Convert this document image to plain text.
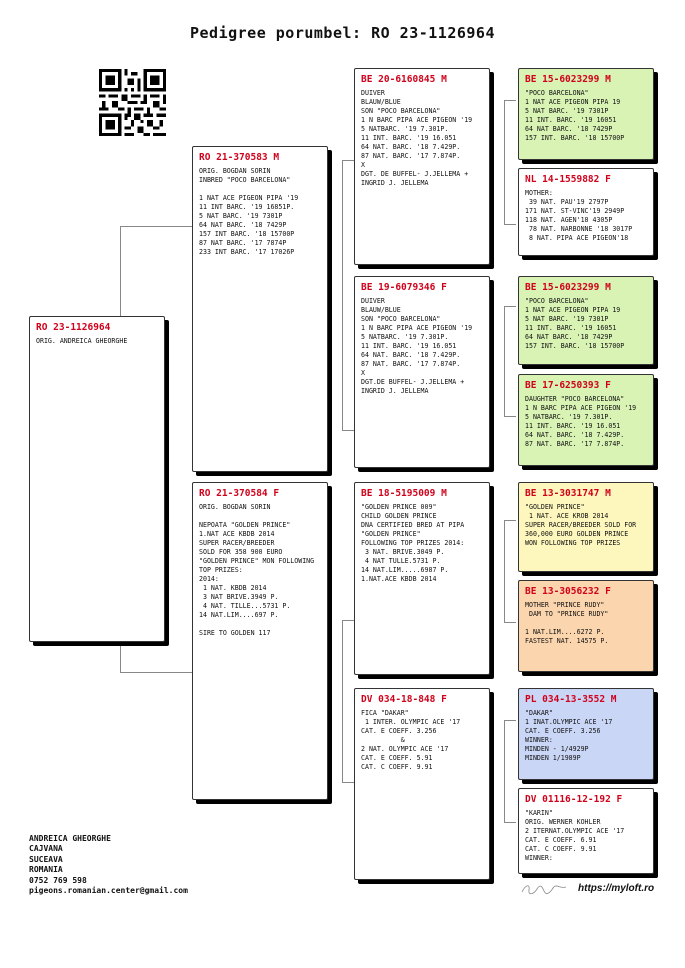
Pedigree porumbel: RO 23-1126964
RO 23-1126964
ORIG. ANDREICA GHEORGHE
RO 21-370583 M
ORIG. BOGDAN SORIN
INBRED "POCO BARCELONA"

1 NAT ACE PIGEON PIPA '19
11 INT BARC. '19 16851P.
5 NAT BARC. '19 7301P
64 NAT BARC. '18 7429P
157 INT BARC. '18 15700P
87 NAT BARC. '17 7874P
233 INT BARC. '17 17026P
RO 21-370584 F
ORIG. BOGDAN SORIN

NEPOATA "GOLDEN PRINCE"
1.NAT ACE KBDB 2014
SUPER RACER/BREEDER
SOLD FOR 358 900 EURO
"GOLDEN PRINCE" MON FOLLOWING
TOP PRIZES:
2014:
1 NAT. KBDB 2014
3 NAT BRIVE.3949 P.
4 NAT. TILLE...5731 P.
14 NAT.LIM....697 P.

SIRE TO GOLDEN 117
BE 20-6160845 M
DUIVER
BLAUW/BLUE
SON "POCO BARCELONA"
1 N BARC PIPA ACE PIGEON '19
5 NATBARC. '19 7.301P.
11 INT. BARC. '19 16.051
64 NAT. BARC. '18 7.429P.
87 NAT. BARC. '17 7.874P.
X
DGT. DE BUFFEL- J.JELLEMA +
INGRID J. JELLEMA
BE 19-6079346 F
DUIVER
BLAUW/BLUE
SON "POCO BARCELONA"
1 N BARC PIPA ACE PIGEON '19
5 NATBARC. '19 7.301P.
11 INT. BARC. '19 16.051
64 NAT. BARC. '18 7.429P.
87 NAT. BARC. '17 7.874P.
X
DGT.DE BUFFEL- J.JELLEMA +
INGRID J. JELLEMA
BE 18-5195009 M
"GOLDEN PRINCE 009"
CHILD GOLDEN PRINCE
DNA CERTIFIED BRED AT PIPA
"GOLDEN PRINCE"
FOLLOWING TOP PRIZES 2014:
3 NAT. BRIVE.3049 P.
4 NAT TULLE.5731 P.
14 NAT.LIM.....6987 P.
1.NAT.ACE KBDB 2014
DV 034-18-848 F
FICA "DAKAR"
1 INTER. OLYMPIC ACE '17
CAT. E COEFF. 3.256
&
2 NAT. OLYMPIC ACE '17
CAT. E COEFF. 5.91
CAT. C COEFF. 9.91
BE 15-6023299 M
"POCO BARCELONA"
1 NAT ACE PIGEON PIPA 19
5 NAT BARC. '19 7301P
11 INT. BARC. '19 16051
64 NAT BARC. '18 7429P
157 INT. BARC. '18 15700P
NL 14-1559882 F
MOTHER:
39 NAT. PAU'19 2797P
171 NAT. ST-VINC'19 2949P
118 NAT. AGEN'18 4305P
78 NAT. NARBONNE '18 3017P
8 NAT. PIPA ACE PIGEON'18
BE 15-6023299 M
"POCO BARCELONA"
1 NAT ACE PIGEON PIPA 19
5 NAT BARC. '19 7301P
11 INT. BARC. '19 16051
64 NAT BARC. '18 7429P
157 INT. BARC. '18 15700P
BE 17-6250393 F
DAUGHTER "POCO BARCELONA"
1 N BARC PIPA ACE PIGEON '19
5 NATBARC. '19 7.301P.
11 INT. BARC. '19 16.051
64 NAT. BARC. '18 7.429P.
87 NAT. BARC. '17 7.874P.
BE 13-3031747 M
"GOLDEN PRINCE"
1 NAT. ACE KROB 2014
SUPER RACER/BREEDER SOLD FOR
360,000 EURO GOLDEN PRINCE
WON FOLLOWING TOP PRIZES
BE 13-3056232 F
MOTHER "PRINCE RUDY"
DAM TO "PRINCE RUDY"

1 NAT.LIM....6272 P.
FASTEST NAT. 14575 P.
PL 034-13-3552 M
"DAKAR"
1 INAT.OLYMPIC ACE '17
CAT. E COEFF. 3.256
WINNER:
MINDEN - 1/4929P
MINDEN 1/1989P
DV 01116-12-192 F
"KARIN"
ORIG. WERNER KOHLER
2 ITERNAT.OLYMPIC ACE '17
CAT. E COEFF. 6.91
CAT. C COEFF. 9.91
WINNER:
ANDREICA GHEORGHE
CAJVANA
SUCEAVA
ROMANIA
0752 769 598
pigeons.romanian.center@gmail.com	https://myloft.ro
